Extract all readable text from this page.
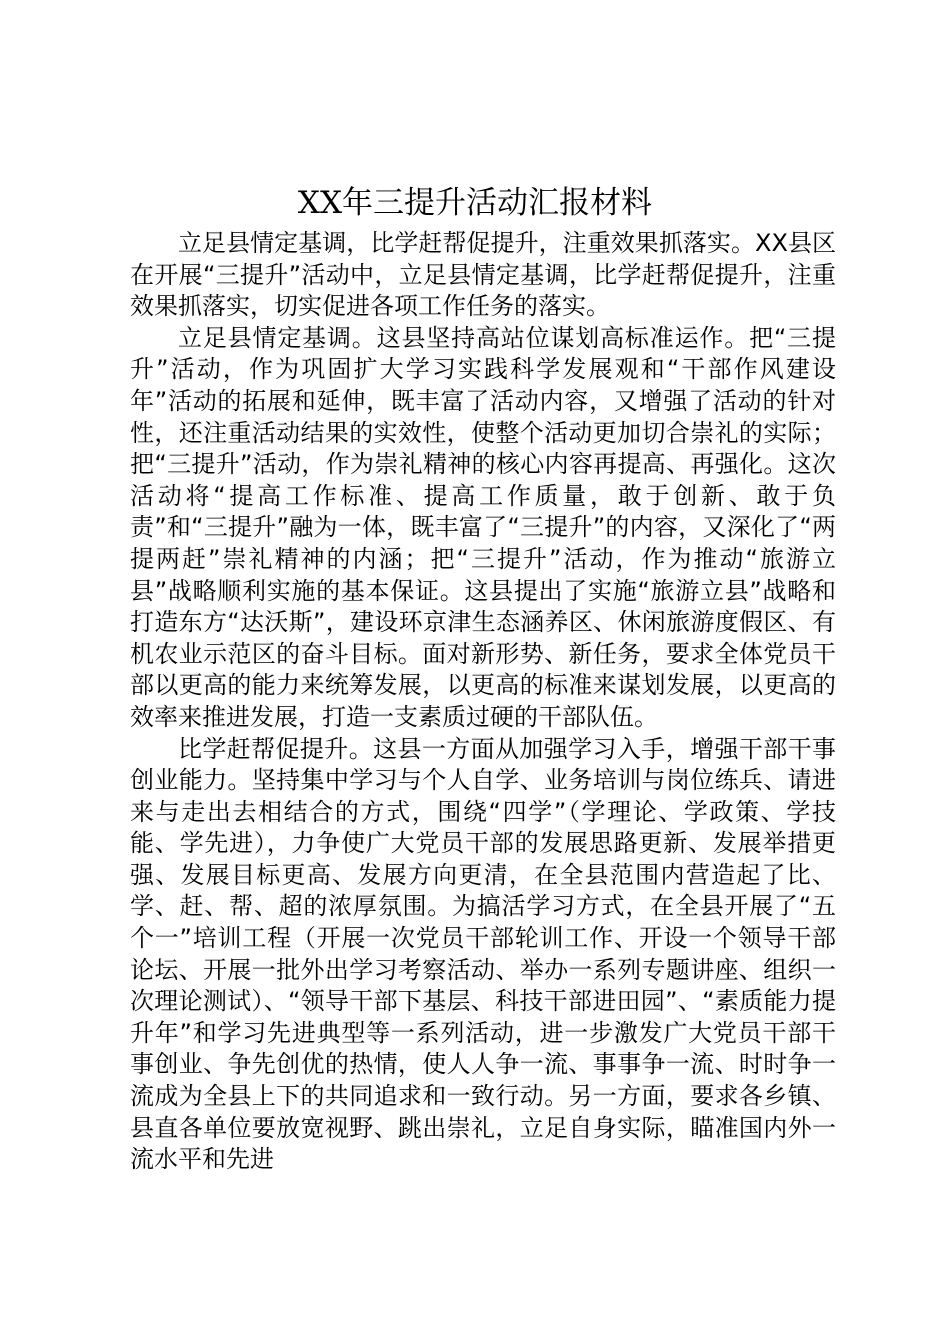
XX年三提升活动汇报材料

立足县情定基调，比学赶帮促提升，注重效果抓落实。XX县区在开展“三提升”活动中，立足县情定基调，比学赶帮促提升，注重效果抓落实，切实促进各项工作任务的落实。

立足县情定基调。这县坚持高站位谋划高标准运作。把“三提升”活动，作为巩固扩大学习实践科学发展观和“干部作风建设年”活动的拓展和延伸，既丰富了活动内容，又增强了活动的针对性，还注重活动结果的实效性，使整个活动更加切合崇礼的实际；把“三提升”活动，作为崇礼精神的核心内容再提高、再强化。这次活动将“提高工作标准、提高工作质量，敢于创新、敢于负责”和“三提升”融为一体，既丰富了“三提升”的内容，又深化了“两提两赶”崇礼精神的内涵；把“三提升”活动，作为推动“旅游立县”战略顺利实施的基本保证。这县提出了实施“旅游立县”战略和打造东方“达沃斯”，建设环京津生态涵养区、休闲旅游度假区、有机农业示范区的奋斗目标。面对新形势、新任务，要求全体党员干部以更高的能力来统筹发展，以更高的标准来谋划发展，以更高的效率来推进发展，打造一支素质过硬的干部队伍。

比学赶帮促提升。这县一方面从加强学习入手，增强干部干事创业能力。坚持集中学习与个人自学、业务培训与岗位练兵、请进来与走出去相结合的方式，围绕“四学”（学理论、学政策、学技能、学先进），力争使广大党员干部的发展思路更新、发展举措更强、发展目标更高、发展方向更清，在全县范围内营造起了比、学、赶、帮、超的浓厚氛围。为搞活学习方式，在全县开展了“五个一”培训工程（开展一次党员干部轮训工作、开设一个领导干部论坛、开展一批外出学习考察活动、举办一系列专题讲座、组织一次理论测试）、“领导干部下基层、科技干部进田园”、“素质能力提升年”和学习先进典型等一系列活动，进一步激发广大党员干部干事创业、争先创优的热情，使人人争一流、事事争一流、时时争一流成为全县上下的共同追求和一致行动。另一方面，要求各乡镇、县直各单位要放宽视野、跳出崇礼，立足自身实际，瞄准国内外一流水平和先进
